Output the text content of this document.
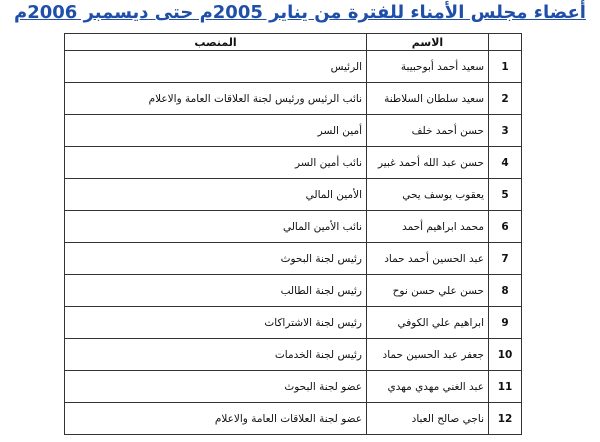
أعضاء مجلس الأمناء للفترة من يناير 2005م حتى ديسمبر 2006م
	الاسم	المنصب
1	سعيد أحمد أبوحبيبة	الرئيس
2	سعيد سلطان السلاطنة	نائب الرئيس ورئيس لجنة العلاقات العامة والاعلام
3	حسن أحمد خلف	أمين السر
4	حسن عبد الله أحمد غبير	نائب أمين السر
5	يعقوب يوسف يحي	الأمين المالي
6	محمد ابراهيم أحمد	نائب الأمين المالي
7	عبد الحسين أحمد حماد	رئيس لجنة البحوث
8	حسن علي حسن نوح	رئيس لجنة الطالب
9	ابراهيم علي الكوفي	رئيس لجنة الاشتراكات
10	جعفر عبد الحسين حماد	رئيس لجنة الخدمات
11	عبد الغني مهدي مهدي	عضو لجنة البحوث
12	ناجي صالح العباد	عضو لجنة العلاقات العامة والاعلام
